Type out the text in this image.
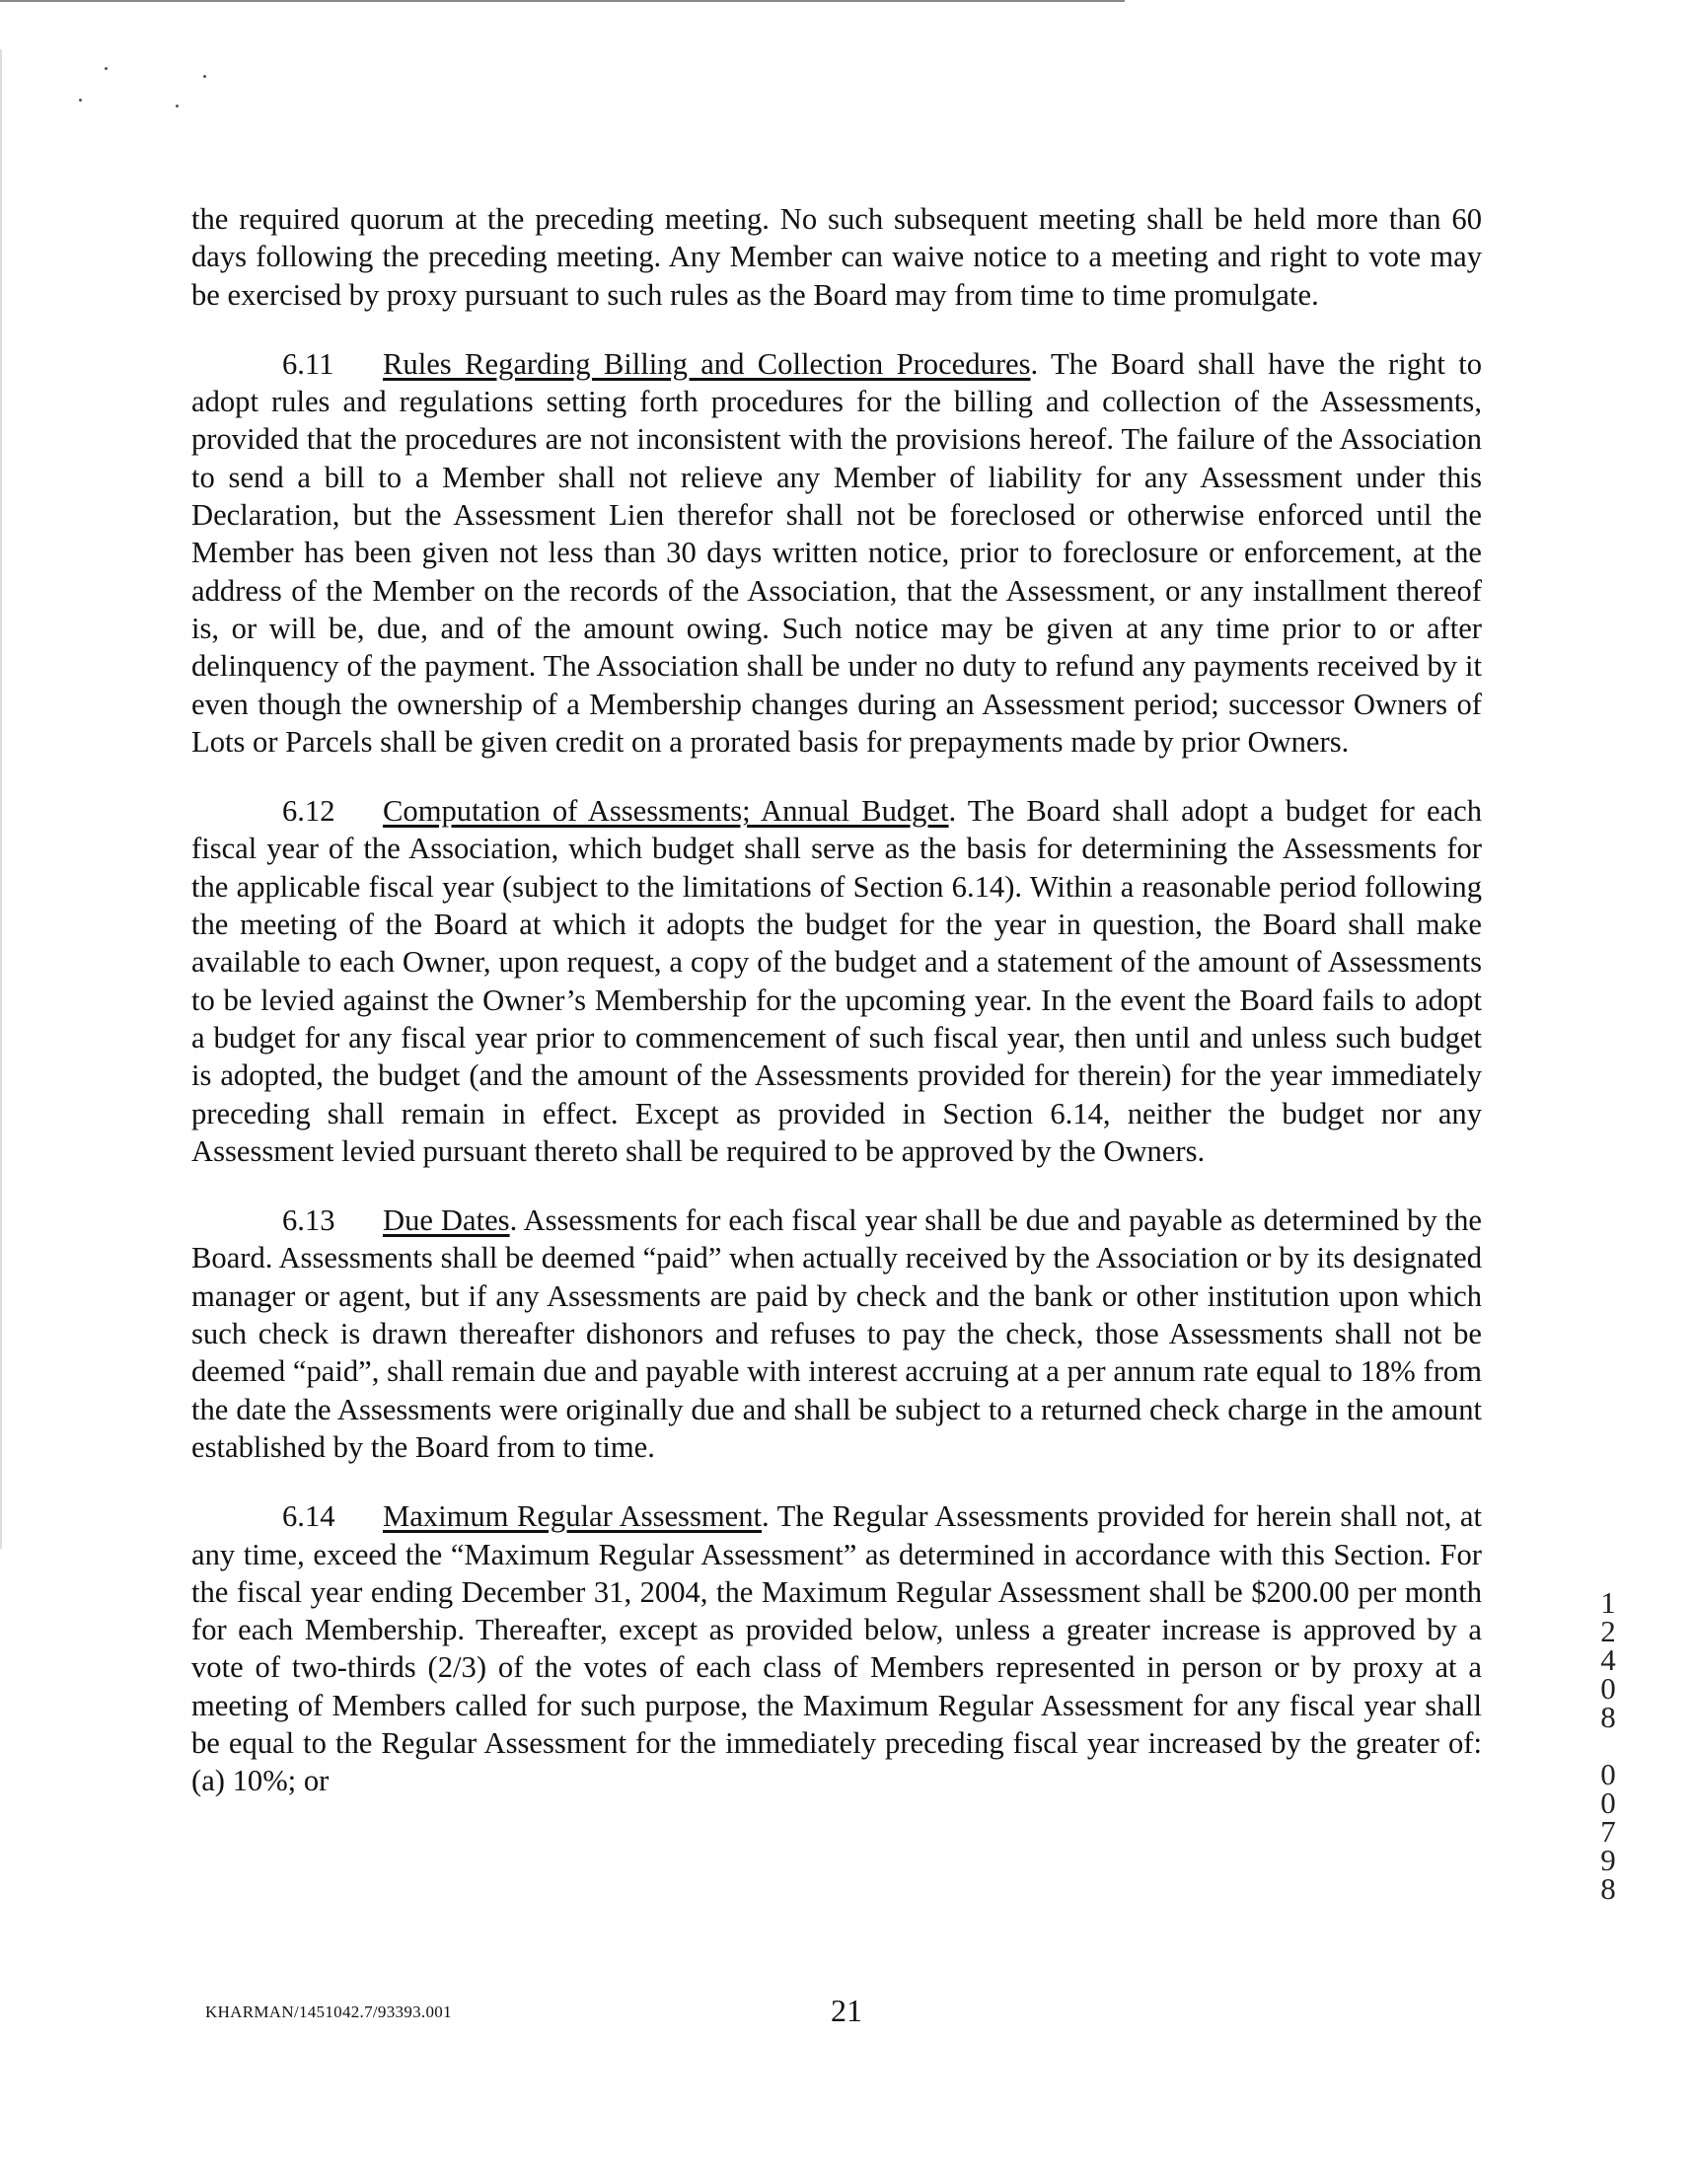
the required quorum at the preceding meeting. No such subsequent meeting shall be held more than 60 days following the preceding meeting. Any Member can waive notice to a meeting and right to vote may be exercised by proxy pursuant to such rules as the Board may from time to time promulgate.

6.11 Rules Regarding Billing and Collection Procedures. The Board shall have the right to adopt rules and regulations setting forth procedures for the billing and collection of the Assessments, provided that the procedures are not inconsistent with the provisions hereof. The failure of the Association to send a bill to a Member shall not relieve any Member of liability for any Assessment under this Declaration, but the Assessment Lien therefor shall not be foreclosed or otherwise enforced until the Member has been given not less than 30 days written notice, prior to foreclosure or enforcement, at the address of the Member on the records of the Association, that the Assessment, or any installment thereof is, or will be, due, and of the amount owing. Such notice may be given at any time prior to or after delinquency of the payment. The Association shall be under no duty to refund any payments received by it even though the ownership of a Membership changes during an Assessment period; successor Owners of Lots or Parcels shall be given credit on a prorated basis for prepayments made by prior Owners.

6.12 Computation of Assessments; Annual Budget. The Board shall adopt a budget for each fiscal year of the Association, which budget shall serve as the basis for determining the Assessments for the applicable fiscal year (subject to the limitations of Section 6.14). Within a reasonable period following the meeting of the Board at which it adopts the budget for the year in question, the Board shall make available to each Owner, upon request, a copy of the budget and a statement of the amount of Assessments to be levied against the Owner’s Membership for the upcoming year. In the event the Board fails to adopt a budget for any fiscal year prior to commencement of such fiscal year, then until and unless such budget is adopted, the budget (and the amount of the Assessments provided for therein) for the year immediately preceding shall remain in effect. Except as provided in Section 6.14, neither the budget nor any Assessment levied pursuant thereto shall be required to be approved by the Owners.

6.13 Due Dates. Assessments for each fiscal year shall be due and payable as determined by the Board. Assessments shall be deemed “paid” when actually received by the Association or by its designated manager or agent, but if any Assessments are paid by check and the bank or other institution upon which such check is drawn thereafter dishonors and refuses to pay the check, those Assessments shall not be deemed “paid”, shall remain due and payable with interest accruing at a per annum rate equal to 18% from the date the Assessments were originally due and shall be subject to a returned check charge in the amount established by the Board from to time.

6.14 Maximum Regular Assessment. The Regular Assessments provided for herein shall not, at any time, exceed the “Maximum Regular Assessment” as determined in accordance with this Section. For the fiscal year ending December 31, 2004, the Maximum Regular Assessment shall be $200.00 per month for each Membership. Thereafter, except as provided below, unless a greater increase is approved by a vote of two-thirds (2/3) of the votes of each class of Members represented in person or by proxy at a meeting of Members called for such purpose, the Maximum Regular Assessment for any fiscal year shall be equal to the Regular Assessment for the immediately preceding fiscal year increased by the greater of: (a) 10%; or

KHARMAN/1451042.7/93393.001	21
1
2
4
0
8

0
0
7
9
8
